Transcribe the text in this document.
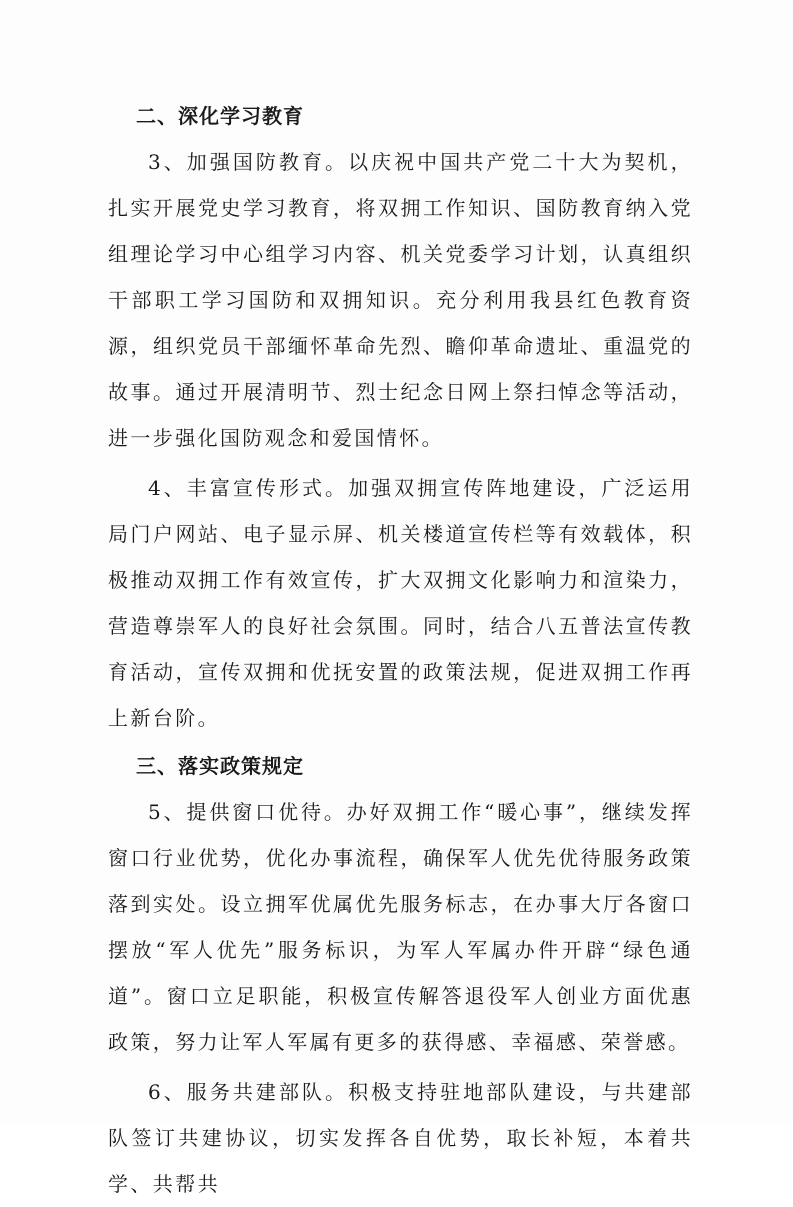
二、深化学习教育

3、加强国防教育。以庆祝中国共产党二十大为契机，扎实开展党史学习教育，将双拥工作知识、国防教育纳入党组理论学习中心组学习内容、机关党委学习计划，认真组织干部职工学习国防和双拥知识。充分利用我县红色教育资源，组织党员干部缅怀革命先烈、瞻仰革命遗址、重温党的故事。通过开展清明节、烈士纪念日网上祭扫悼念等活动，进一步强化国防观念和爱国情怀。

4、丰富宣传形式。加强双拥宣传阵地建设，广泛运用局门户网站、电子显示屏、机关楼道宣传栏等有效载体，积极推动双拥工作有效宣传，扩大双拥文化影响力和渲染力，营造尊崇军人的良好社会氛围。同时，结合八五普法宣传教育活动，宣传双拥和优抚安置的政策法规，促进双拥工作再上新台阶。

三、落实政策规定

5、提供窗口优待。办好双拥工作“暖心事”，继续发挥窗口行业优势，优化办事流程，确保军人优先优待服务政策落到实处。设立拥军优属优先服务标志，在办事大厅各窗口摆放“军人优先”服务标识，为军人军属办件开辟“绿色通道”。窗口立足职能，积极宣传解答退役军人创业方面优惠政策，努力让军人军属有更多的获得感、幸福感、荣誉感。

6、服务共建部队。积极支持驻地部队建设，与共建部队签订共建协议，切实发挥各自优势，取长补短，本着共学、共帮共
